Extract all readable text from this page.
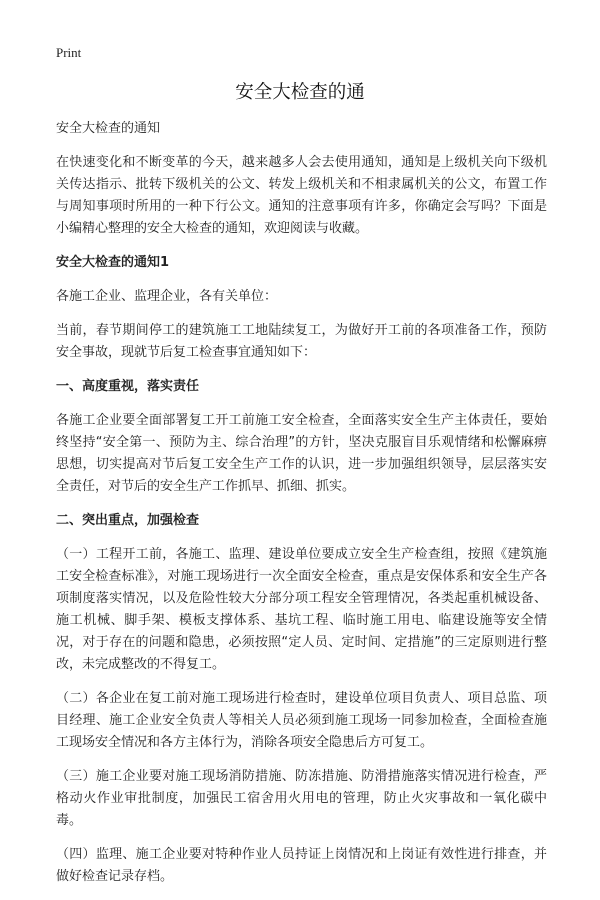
Print
安全大检查的通

安全大检查的通知

在快速变化和不断变革的今天，越来越多人会去使用通知，通知是上级机关向下级机关传达指示、批转下级机关的公文、转发上级机关和不相隶属机关的公文，布置工作与周知事项时所用的一种下行公文。通知的注意事项有许多，你确定会写吗？下面是小编精心整理的安全大检查的通知，欢迎阅读与收藏。

安全大检查的通知1

各施工企业、监理企业，各有关单位：

当前，春节期间停工的建筑施工工地陆续复工，为做好开工前的各项准备工作，预防安全事故，现就节后复工检查事宜通知如下：

一、高度重视，落实责任

各施工企业要全面部署复工开工前施工安全检查，全面落实安全生产主体责任，要始终坚持“安全第一、预防为主、综合治理”的方针，坚决克服盲目乐观情绪和松懈麻痹思想，切实提高对节后复工安全生产工作的认识，进一步加强组织领导，层层落实安全责任，对节后的安全生产工作抓早、抓细、抓实。

二、突出重点，加强检查

（一）工程开工前，各施工、监理、建设单位要成立安全生产检查组，按照《建筑施工安全检查标准》，对施工现场进行一次全面安全检查，重点是安保体系和安全生产各项制度落实情况，以及危险性较大分部分项工程安全管理情况，各类起重机械设备、施工机械、脚手架、模板支撑体系、基坑工程、临时施工用电、临建设施等安全情况，对于存在的问题和隐患，必须按照“定人员、定时间、定措施”的三定原则进行整改，未完成整改的不得复工。

（二）各企业在复工前对施工现场进行检查时，建设单位项目负责人、项目总监、项目经理、施工企业安全负责人等相关人员必须到施工现场一同参加检查，全面检查施工现场安全情况和各方主体行为，消除各项安全隐患后方可复工。

（三）施工企业要对施工现场消防措施、防冻措施、防滑措施落实情况进行检查，严格动火作业审批制度，加强民工宿舍用火用电的管理，防止火灾事故和一氧化碳中毒。

（四）监理、施工企业要对特种作业人员持证上岗情况和上岗证有效性进行排查，并做好检查记录存档。
